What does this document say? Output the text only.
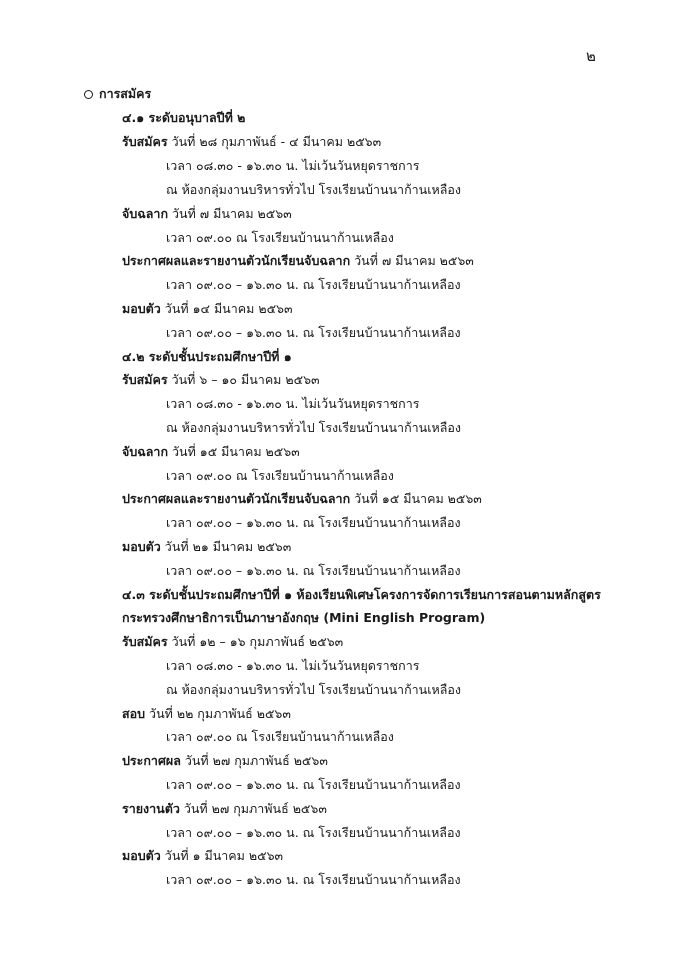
๒
การสมัคร
๔.๑ ระดับอนุบาลปีที่ ๒
รับสมัคร วันที่ ๒๘ กุมภาพันธ์ - ๔ มีนาคม ๒๕๖๓
เวลา ๐๘.๓๐ - ๑๖.๓๐ น. ไม่เว้นวันหยุดราชการ
ณ ห้องกลุ่มงานบริหารทั่วไป โรงเรียนบ้านนาก้านเหลือง
จับฉลาก วันที่ ๗ มีนาคม ๒๕๖๓
เวลา ๐๙.๐๐ ณ โรงเรียนบ้านนาก้านเหลือง
ประกาศผลและรายงานตัวนักเรียนจับฉลาก วันที่ ๗ มีนาคม ๒๕๖๓
เวลา ๐๙.๐๐ – ๑๖.๓๐ น. ณ โรงเรียนบ้านนาก้านเหลือง
มอบตัว วันที่ ๑๔ มีนาคม ๒๕๖๓
เวลา ๐๙.๐๐ – ๑๖.๓๐ น. ณ โรงเรียนบ้านนาก้านเหลือง
๔.๒ ระดับชั้นประถมศึกษาปีที่ ๑
รับสมัคร วันที่ ๖ – ๑๐ มีนาคม ๒๕๖๓
เวลา ๐๘.๓๐ - ๑๖.๓๐ น. ไม่เว้นวันหยุดราชการ
ณ ห้องกลุ่มงานบริหารทั่วไป โรงเรียนบ้านนาก้านเหลือง
จับฉลาก วันที่ ๑๕ มีนาคม ๒๕๖๓
เวลา ๐๙.๐๐ ณ โรงเรียนบ้านนาก้านเหลือง
ประกาศผลและรายงานตัวนักเรียนจับฉลาก วันที่ ๑๕ มีนาคม ๒๕๖๓
เวลา ๐๙.๐๐ – ๑๖.๓๐ น. ณ โรงเรียนบ้านนาก้านเหลือง
มอบตัว วันที่ ๒๑ มีนาคม ๒๕๖๓
เวลา ๐๙.๐๐ – ๑๖.๓๐ น. ณ โรงเรียนบ้านนาก้านเหลือง
๔.๓ ระดับชั้นประถมศึกษาปีที่ ๑ ห้องเรียนพิเศษโครงการจัดการเรียนการสอนตามหลักสูตร
กระทรวงศึกษาธิการเป็นภาษาอังกฤษ (Mini English Program)
รับสมัคร วันที่ ๑๒ – ๑๖ กุมภาพันธ์ ๒๕๖๓
เวลา ๐๘.๓๐ - ๑๖.๓๐ น. ไม่เว้นวันหยุดราชการ
ณ ห้องกลุ่มงานบริหารทั่วไป โรงเรียนบ้านนาก้านเหลือง
สอบ วันที่ ๒๒ กุมภาพันธ์ ๒๕๖๓
เวลา ๐๙.๐๐ ณ โรงเรียนบ้านนาก้านเหลือง
ประกาศผล วันที่ ๒๗ กุมภาพันธ์ ๒๕๖๓
เวลา ๐๙.๐๐ – ๑๖.๓๐ น. ณ โรงเรียนบ้านนาก้านเหลือง
รายงานตัว วันที่ ๒๗ กุมภาพันธ์ ๒๕๖๓
เวลา ๐๙.๐๐ – ๑๖.๓๐ น. ณ โรงเรียนบ้านนาก้านเหลือง
มอบตัว วันที่ ๑ มีนาคม ๒๕๖๓
เวลา ๐๙.๐๐ – ๑๖.๓๐ น. ณ โรงเรียนบ้านนาก้านเหลือง
